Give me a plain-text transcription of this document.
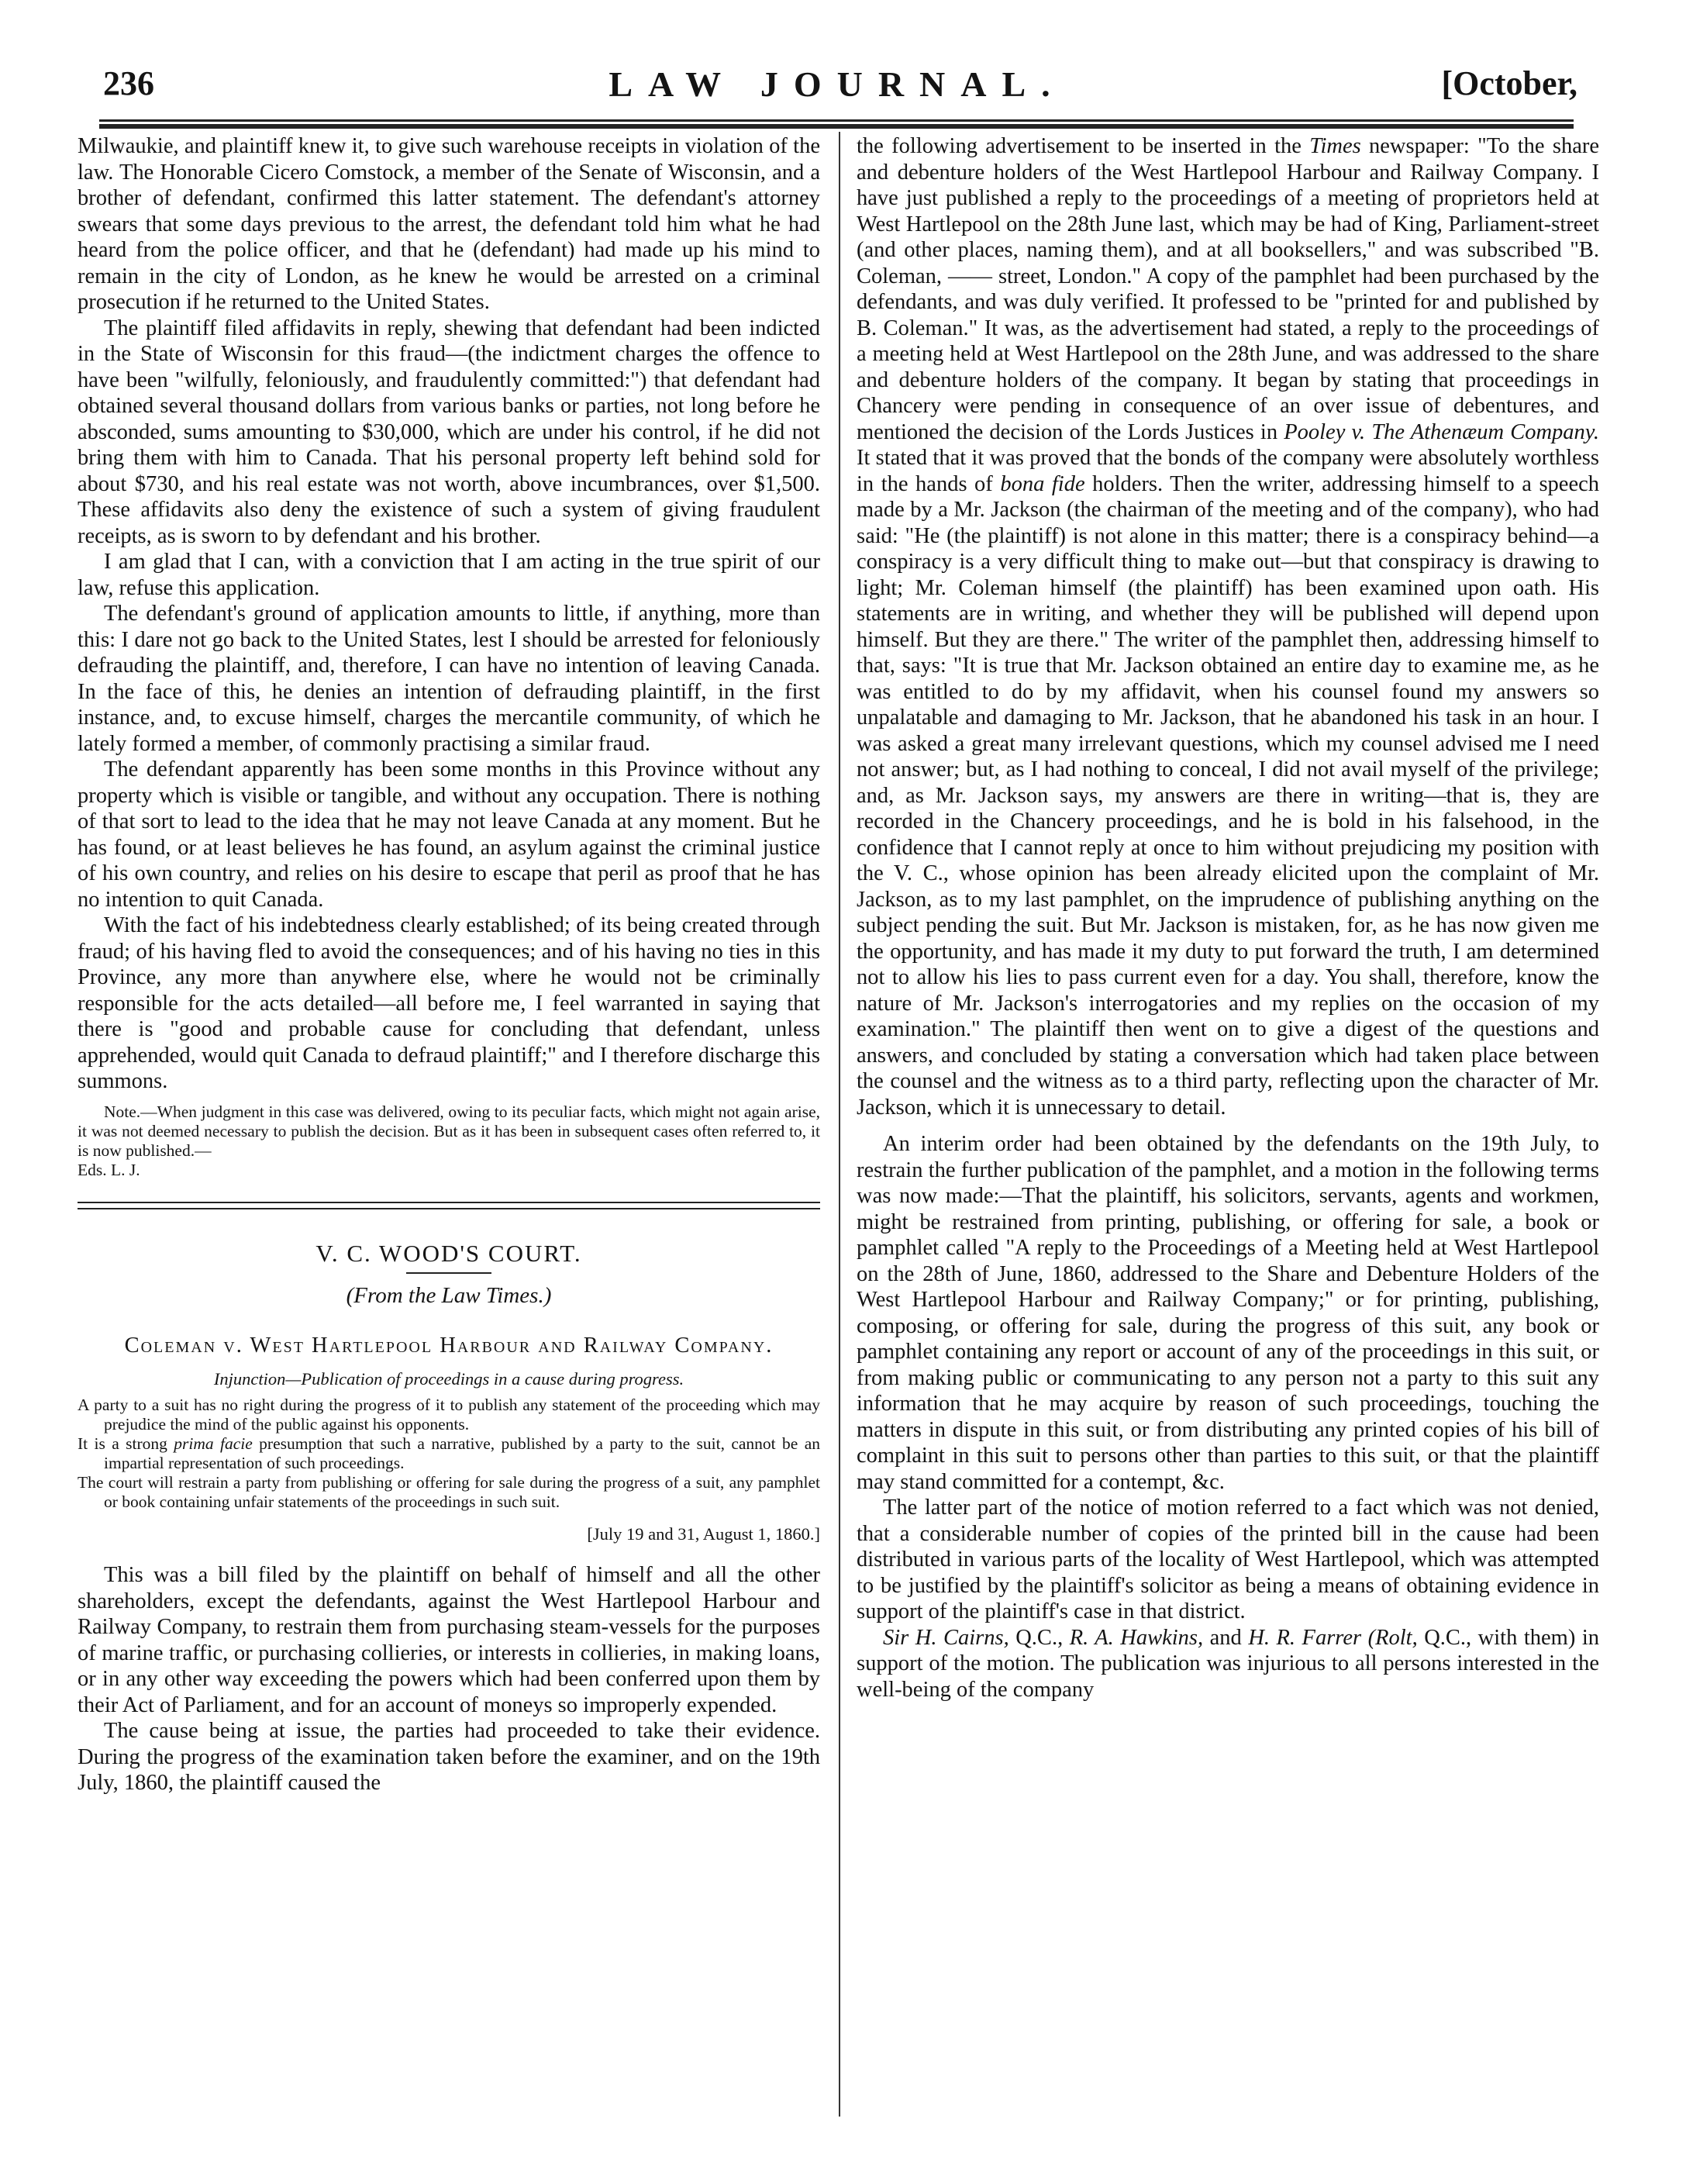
236	LAW JOURNAL.	[October,

Milwaukie, and plaintiff knew it, to give such warehouse receipts in violation of the law. The Honorable Cicero Comstock, a member of the Senate of Wisconsin, and a brother of defendant, confirmed this latter statement. The defendant's attorney swears that some days previous to the arrest, the defendant told him what he had heard from the police officer, and that he (defendant) had made up his mind to remain in the city of London, as he knew he would be arrested on a criminal prosecution if he returned to the United States.

The plaintiff filed affidavits in reply, shewing that defendant had been indicted in the State of Wisconsin for this fraud—(the indictment charges the offence to have been "wilfully, feloniously, and fraudulently committed:") that defendant had obtained several thousand dollars from various banks or parties, not long before he absconded, sums amounting to $30,000, which are under his control, if he did not bring them with him to Canada. That his personal property left behind sold for about $730, and his real estate was not worth, above incumbrances, over $1,500. These affidavits also deny the existence of such a system of giving fraudulent receipts, as is sworn to by defendant and his brother.

I am glad that I can, with a conviction that I am acting in the true spirit of our law, refuse this application.

The defendant's ground of application amounts to little, if anything, more than this: I dare not go back to the United States, lest I should be arrested for feloniously defrauding the plaintiff, and, therefore, I can have no intention of leaving Canada. In the face of this, he denies an intention of defrauding plaintiff, in the first instance, and, to excuse himself, charges the mercantile community, of which he lately formed a member, of commonly practising a similar fraud.

The defendant apparently has been some months in this Province without any property which is visible or tangible, and without any occupation. There is nothing of that sort to lead to the idea that he may not leave Canada at any moment. But he has found, or at least believes he has found, an asylum against the criminal justice of his own country, and relies on his desire to escape that peril as proof that he has no intention to quit Canada.

With the fact of his indebtedness clearly established; of its being created through fraud; of his having fled to avoid the consequences; and of his having no ties in this Province, any more than anywhere else, where he would not be criminally responsible for the acts detailed—all before me, I feel warranted in saying that there is "good and probable cause for concluding that defendant, unless apprehended, would quit Canada to defraud plaintiff;" and I therefore discharge this summons.

Note.—When judgment in this case was delivered, owing to its peculiar facts, which might not again arise, it was not deemed necessary to publish the decision. But as it has been in subsequent cases often referred to, it is now published.—
Eds. L. J.
V. C. WOOD'S COURT.
(From the Law Times.)
Coleman v. West Hartlepool Harbour and Railway Company.
Injunction—Publication of proceedings in a cause during progress.
A party to a suit has no right during the progress of it to publish any statement of the proceeding which may prejudice the mind of the public against his opponents.
It is a strong prima facie presumption that such a narrative, published by a party to the suit, cannot be an impartial representation of such proceedings.
The court will restrain a party from publishing or offering for sale during the progress of a suit, any pamphlet or book containing unfair statements of the proceedings in such suit.
[July 19 and 31, August 1, 1860.]

This was a bill filed by the plaintiff on behalf of himself and all the other shareholders, except the defendants, against the West Hartlepool Harbour and Railway Company, to restrain them from purchasing steam-vessels for the purposes of marine traffic, or purchasing collieries, or interests in collieries, in making loans, or in any other way exceeding the powers which had been conferred upon them by their Act of Parliament, and for an account of moneys so improperly expended.

The cause being at issue, the parties had proceeded to take their evidence. During the progress of the examination taken before the examiner, and on the 19th July, 1860, the plaintiff caused the

the following advertisement to be inserted in the Times newspaper: "To the share and debenture holders of the West Hartlepool Harbour and Railway Company. I have just published a reply to the proceedings of a meeting of proprietors held at West Hartlepool on the 28th June last, which may be had of King, Parliament-street (and other places, naming them), and at all booksellers," and was subscribed "B. Coleman, —— street, London." A copy of the pamphlet had been purchased by the defendants, and was duly verified. It professed to be "printed for and published by B. Coleman." It was, as the advertisement had stated, a reply to the proceedings of a meeting held at West Hartlepool on the 28th June, and was addressed to the share and debenture holders of the company. It began by stating that proceedings in Chancery were pending in consequence of an over issue of debentures, and mentioned the decision of the Lords Justices in Pooley v. The Athenæum Company. It stated that it was proved that the bonds of the company were absolutely worthless in the hands of bona fide holders. Then the writer, addressing himself to a speech made by a Mr. Jackson (the chairman of the meeting and of the company), who had said: "He (the plaintiff) is not alone in this matter; there is a conspiracy behind—a conspiracy is a very difficult thing to make out—but that conspiracy is drawing to light; Mr. Coleman himself (the plaintiff) has been examined upon oath. His statements are in writing, and whether they will be published will depend upon himself. But they are there." The writer of the pamphlet then, addressing himself to that, says: "It is true that Mr. Jackson obtained an entire day to examine me, as he was entitled to do by my affidavit, when his counsel found my answers so unpalatable and damaging to Mr. Jackson, that he abandoned his task in an hour. I was asked a great many irrelevant questions, which my counsel advised me I need not answer; but, as I had nothing to conceal, I did not avail myself of the privilege; and, as Mr. Jackson says, my answers are there in writing—that is, they are recorded in the Chancery proceedings, and he is bold in his falsehood, in the confidence that I cannot reply at once to him without prejudicing my position with the V. C., whose opinion has been already elicited upon the complaint of Mr. Jackson, as to my last pamphlet, on the imprudence of publishing anything on the subject pending the suit. But Mr. Jackson is mistaken, for, as he has now given me the opportunity, and has made it my duty to put forward the truth, I am determined not to allow his lies to pass current even for a day. You shall, therefore, know the nature of Mr. Jackson's interrogatories and my replies on the occasion of my examination." The plaintiff then went on to give a digest of the questions and answers, and concluded by stating a conversation which had taken place between the counsel and the witness as to a third party, reflecting upon the character of Mr. Jackson, which it is unnecessary to detail.

An interim order had been obtained by the defendants on the 19th July, to restrain the further publication of the pamphlet, and a motion in the following terms was now made:—That the plaintiff, his solicitors, servants, agents and workmen, might be restrained from printing, publishing, or offering for sale, a book or pamphlet called "A reply to the Proceedings of a Meeting held at West Hartlepool on the 28th of June, 1860, addressed to the Share and Debenture Holders of the West Hartlepool Harbour and Railway Company;" or for printing, publishing, composing, or offering for sale, during the progress of this suit, any book or pamphlet containing any report or account of any of the proceedings in this suit, or from making public or communicating to any person not a party to this suit any information that he may acquire by reason of such proceedings, touching the matters in dispute in this suit, or from distributing any printed copies of his bill of complaint in this suit to persons other than parties to this suit, or that the plaintiff may stand committed for a contempt, &c.

The latter part of the notice of motion referred to a fact which was not denied, that a considerable number of copies of the printed bill in the cause had been distributed in various parts of the locality of West Hartlepool, which was attempted to be justified by the plaintiff's solicitor as being a means of obtaining evidence in support of the plaintiff's case in that district.

Sir H. Cairns, Q.C., R. A. Hawkins, and H. R. Farrer (Rolt, Q.C., with them) in support of the motion. The publication was injurious to all persons interested in the well-being of the company
